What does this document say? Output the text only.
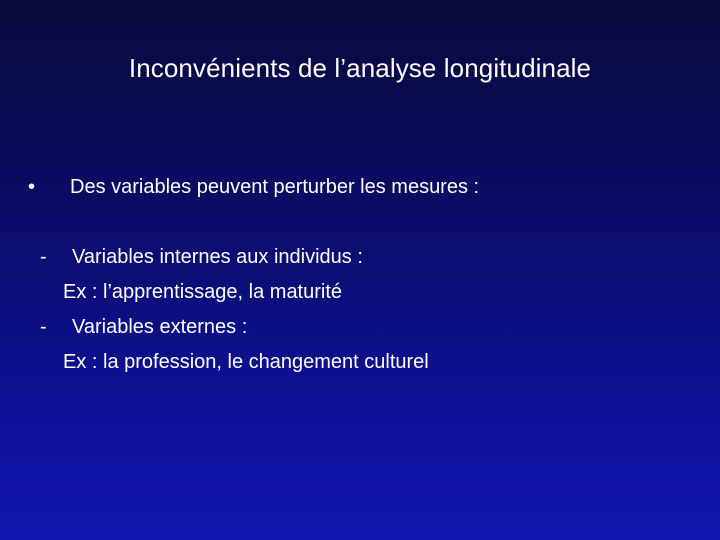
Inconvénients de l’analyse longitudinale
• Des variables peuvent perturber les mesures :
- Variables internes aux individus :
Ex : l’apprentissage, la maturité
- Variables externes :
Ex : la profession, le changement culturel
